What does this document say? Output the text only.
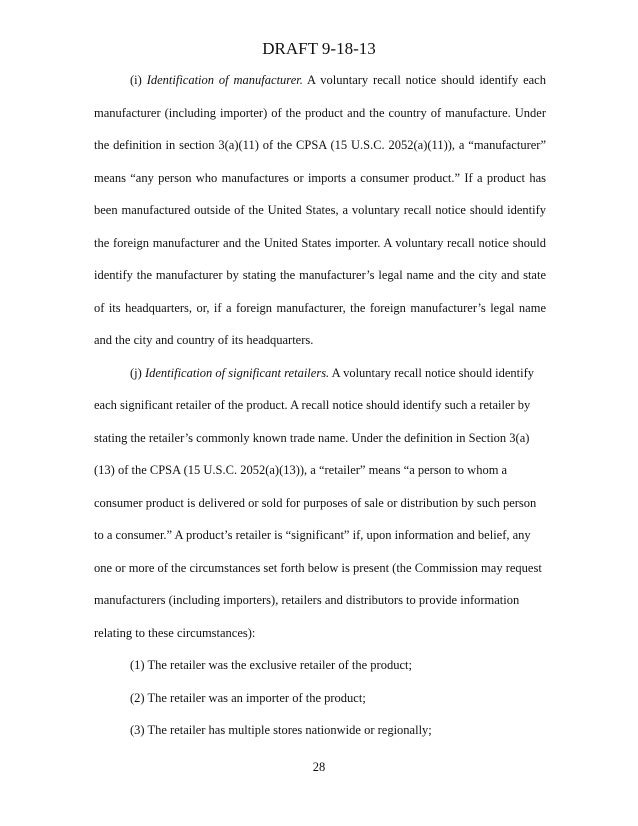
DRAFT 9-18-13

(i) Identification of manufacturer. A voluntary recall notice should identify each manufacturer (including importer) of the product and the country of manufacture. Under the definition in section 3(a)(11) of the CPSA (15 U.S.C. 2052(a)(11)), a “manufacturer” means “any person who manufactures or imports a consumer product.” If a product has been manufactured outside of the United States, a voluntary recall notice should identify the foreign manufacturer and the United States importer. A voluntary recall notice should identify the manufacturer by stating the manufacturer’s legal name and the city and state of its headquarters, or, if a foreign manufacturer, the foreign manufacturer’s legal name and the city and country of its headquarters.

(j) Identification of significant retailers. A voluntary recall notice should identify each significant retailer of the product. A recall notice should identify such a retailer by stating the retailer’s commonly known trade name. Under the definition in Section 3(a)(13) of the CPSA (15 U.S.C. 2052(a)(13)), a “retailer” means “a person to whom a consumer product is delivered or sold for purposes of sale or distribution by such person to a consumer.” A product’s retailer is “significant” if, upon information and belief, any one or more of the circumstances set forth below is present (the Commission may request manufacturers (including importers), retailers and distributors to provide information relating to these circumstances):

(1) The retailer was the exclusive retailer of the product;

(2) The retailer was an importer of the product;

(3) The retailer has multiple stores nationwide or regionally;

28
